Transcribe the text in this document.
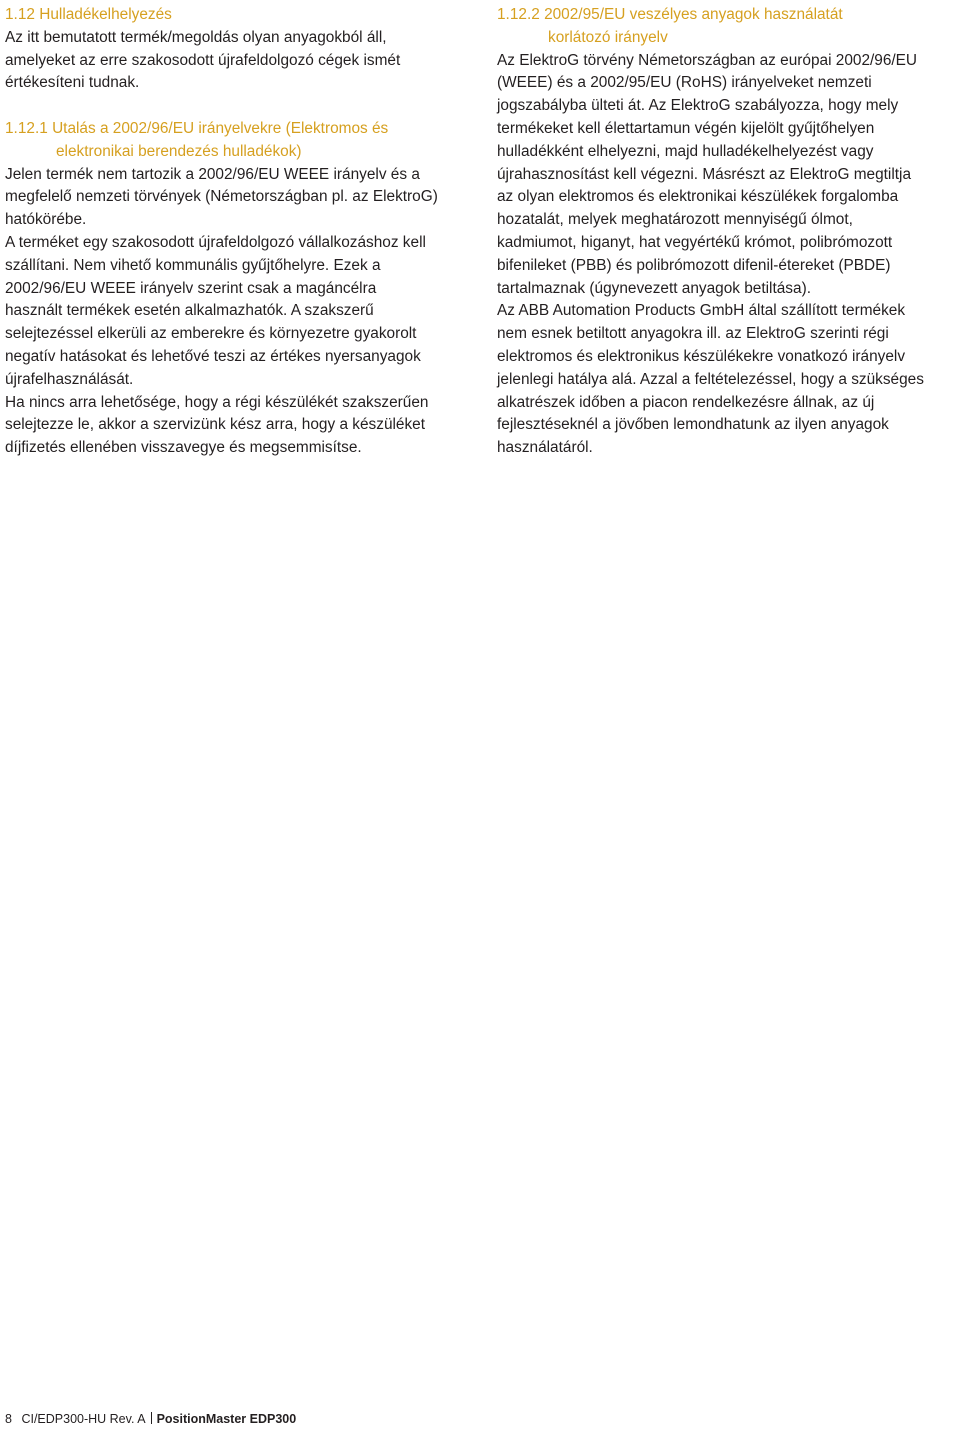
1.12 Hulladékelhelyezés

Az itt bemutatott termék/megoldás olyan anyagokból áll,

amelyeket az erre szakosodott újrafeldolgozó cégek ismét

értékesíteni tudnak.

1.12.1 Utalás a 2002/96/EU irányelvekre (Elektromos és

elektronikai berendezés hulladékok)

Jelen termék nem tartozik a 2002/96/EU WEEE irányelv és a

megfelelő nemzeti törvények (Németországban pl. az ElektroG)

hatókörébe.

A terméket egy szakosodott újrafeldolgozó vállalkozáshoz kell

szállítani. Nem vihető kommunális gyűjtőhelyre. Ezek a

2002/96/EU WEEE irányelv szerint csak a magáncélra

használt termékek esetén alkalmazhatók. A szakszerű

selejtezéssel elkerüli az emberekre és környezetre gyakorolt

negatív hatásokat és lehetővé teszi az értékes nyersanyagok

újrafelhasználását.

Ha nincs arra lehetősége, hogy a régi készülékét szakszerűen

selejtezze le, akkor a szervizünk kész arra, hogy a készüléket

díjfizetés ellenében visszavegye és megsemmisítse.

1.12.2 2002/95/EU veszélyes anyagok használatát

korlátozó irányelv

Az ElektroG törvény Németországban az európai 2002/96/EU

(WEEE) és a 2002/95/EU (RoHS) irányelveket nemzeti

jogszabályba ülteti át. Az ElektroG szabályozza, hogy mely

termékeket kell élettartamun végén kijelölt gyűjtőhelyen

hulladékként elhelyezni, majd hulladékelhelyezést vagy

újrahasznosítást kell végezni. Másrészt az ElektroG megtiltja

az olyan elektromos és elektronikai készülékek forgalomba

hozatalát, melyek meghatározott mennyiségű ólmot,

kadmiumot, higanyt, hat vegyértékű krómot, polibrómozott

bifenileket (PBB) és polibrómozott difenil-étereket (PBDE)

tartalmaznak (úgynevezett anyagok betiltása).

Az ABB Automation Products GmbH által szállított termékek

nem esnek betiltott anyagokra ill. az ElektroG szerinti régi

elektromos és elektronikus készülékekre vonatkozó irányelv

jelenlegi hatálya alá. Azzal a feltételezéssel, hogy a szükséges

alkatrészek időben a piacon rendelkezésre állnak, az új

fejlesztéseknél a jövőben lemondhatunk az ilyen anyagok

használatáról.

8 CI/EDP300-HU Rev. A PositionMaster EDP300
